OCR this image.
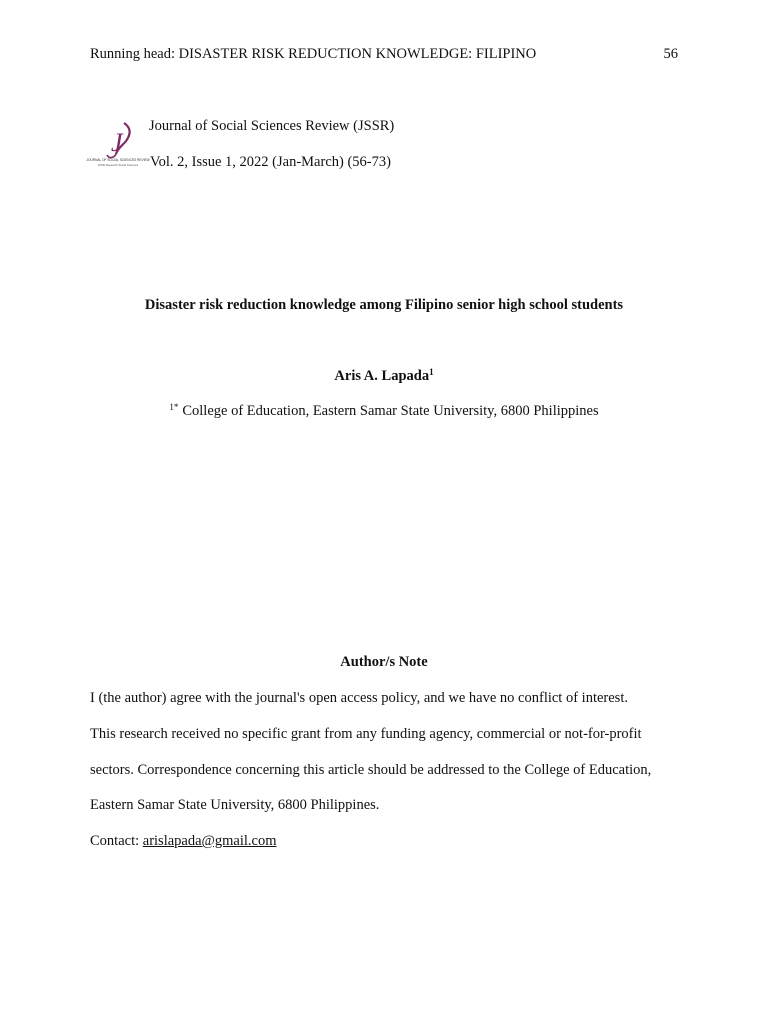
Running head: DISASTER RISK REDUCTION KNOWLEDGE: FILIPINO	56
J
JOURNAL OF SOCIAL SCIENCES REVIEW
JSSR Research Social Sciences
Journal of Social Sciences Review (JSSR)
Vol. 2, Issue 1, 2022 (Jan-March) (56-73)
Disaster risk reduction knowledge among Filipino senior high school students
Aris A. Lapada$^1$
$^{1*}$ College of Education, Eastern Samar State University, 6800 Philippines
Author/s Note
I (the author) agree with the journal's open access policy, and we have no conflict of interest.
This research received no specific grant from any funding agency, commercial or not-for-profit
sectors. Correspondence concerning this article should be addressed to the College of Education,
Eastern Samar State University, 6800 Philippines.
Contact: arislapada@gmail.com
